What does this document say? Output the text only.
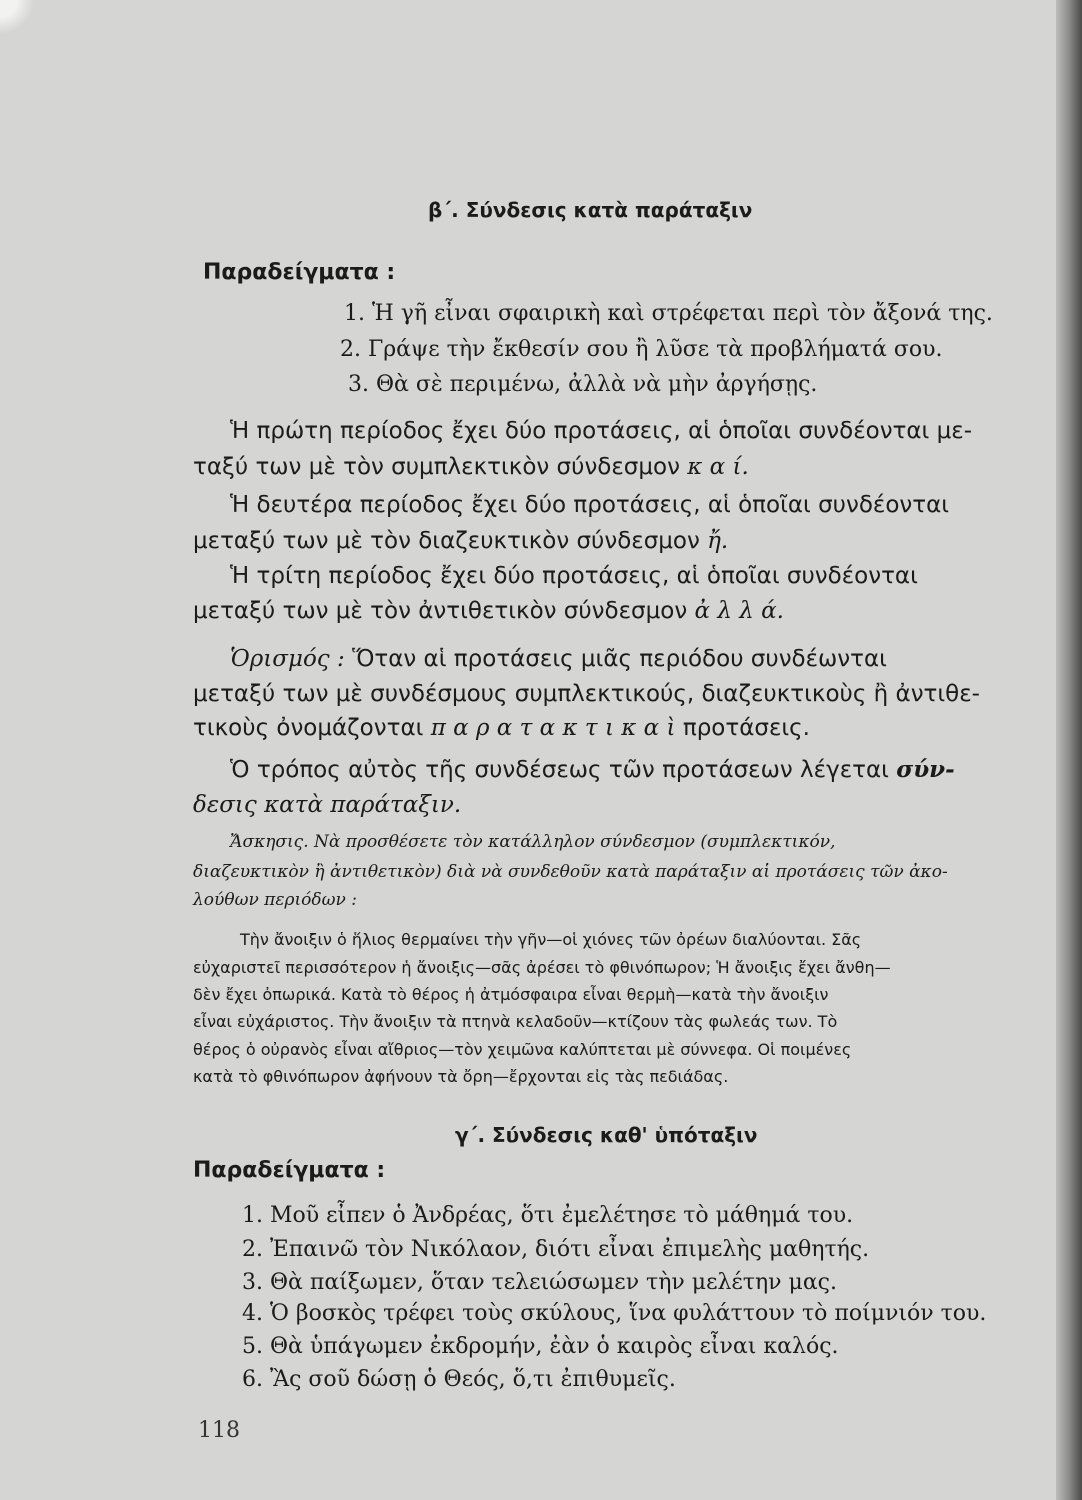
β΄. Σύνδεσις κατὰ παράταξιν
Παραδείγματα :
1. Ἡ γῆ εἶναι σφαιρικὴ καὶ στρέφεται περὶ τὸν ἄξονά της.
2. Γράψε τὴν ἔκθεσίν σου ἢ λῦσε τὰ προβλήματά σου.
3. Θὰ σὲ περιμένω, ἀλλὰ νὰ μὴν ἀργήσῃς.
Ἡ πρώτη περίοδος ἔχει δύο προτάσεις, αἱ ὁποῖαι συνδέονται με-
ταξύ των μὲ τὸν συμπλεκτικὸν σύνδεσμον κ α ί.
Ἡ δευτέρα περίοδος ἔχει δύο προτάσεις, αἱ ὁποῖαι συνδέονται
μεταξύ των μὲ τὸν διαζευκτικὸν σύνδεσμον ἤ.
Ἡ τρίτη περίοδος ἔχει δύο προτάσεις, αἱ ὁποῖαι συνδέονται
μεταξύ των μὲ τὸν ἀντιθετικὸν σύνδεσμον ἀ λ λ ά.
Ὁρισμός : Ὅταν αἱ προτάσεις μιᾶς περιόδου συνδέωνται
μεταξύ των μὲ συνδέσμους συμπλεκτικούς, διαζευκτικοὺς ἢ ἀντιθε-
τικοὺς ὀνομάζονται π α ρ α τ α κ τ ι κ α ὶ προτάσεις.
Ὁ τρόπος αὐτὸς τῆς συνδέσεως τῶν προτάσεων λέγεται σύν-
δεσις κατὰ παράταξιν.
Ἄσκησις. Νὰ προσθέσετε τὸν κατάλληλον σύνδεσμον (συμπλεκτικόν,
διαζευκτικὸν ἢ ἀντιθετικὸν) διὰ νὰ συνδεθοῦν κατὰ παράταξιν αἱ προτάσεις τῶν ἀκο-
λούθων περιόδων :
Τὴν ἄνοιξιν ὁ ἥλιος θερμαίνει τὴν γῆν—οἱ χιόνες τῶν ὀρέων διαλύονται. Σᾶς
εὐχαριστεῖ περισσότερον ἡ ἄνοιξις—σᾶς ἀρέσει τὸ φθινόπωρον; Ἡ ἄνοιξις ἔχει ἄνθη—
δὲν ἔχει ὀπωρικά. Κατὰ τὸ θέρος ἡ ἀτμόσφαιρα εἶναι θερμὴ—κατὰ τὴν ἄνοιξιν
εἶναι εὐχάριστος. Τὴν ἄνοιξιν τὰ πτηνὰ κελαδοῦν—κτίζουν τὰς φωλεάς των. Τὸ
θέρος ὁ οὐρανὸς εἶναι αἴθριος—τὸν χειμῶνα καλύπτεται μὲ σύννεφα. Οἱ ποιμένες
κατὰ τὸ φθινόπωρον ἀφήνουν τὰ ὄρη—ἔρχονται εἰς τὰς πεδιάδας.
γ΄. Σύνδεσις καθ' ὑπόταξιν
Παραδείγματα :
1. Μοῦ εἶπεν ὁ Ἀνδρέας, ὅτι ἐμελέτησε τὸ μάθημά του.
2. Ἐπαινῶ τὸν Νικόλαον, διότι εἶναι ἐπιμελὴς μαθητής.
3. Θὰ παίξωμεν, ὅταν τελειώσωμεν τὴν μελέτην μας.
4. Ὁ βοσκὸς τρέφει τοὺς σκύλους, ἵνα φυλάττουν τὸ ποίμνιόν του.
5. Θὰ ὑπάγωμεν ἐκδρομήν, ἐὰν ὁ καιρὸς εἶναι καλός.
6. Ἂς σοῦ δώσῃ ὁ Θεός, ὅ,τι ἐπιθυμεῖς.
118
